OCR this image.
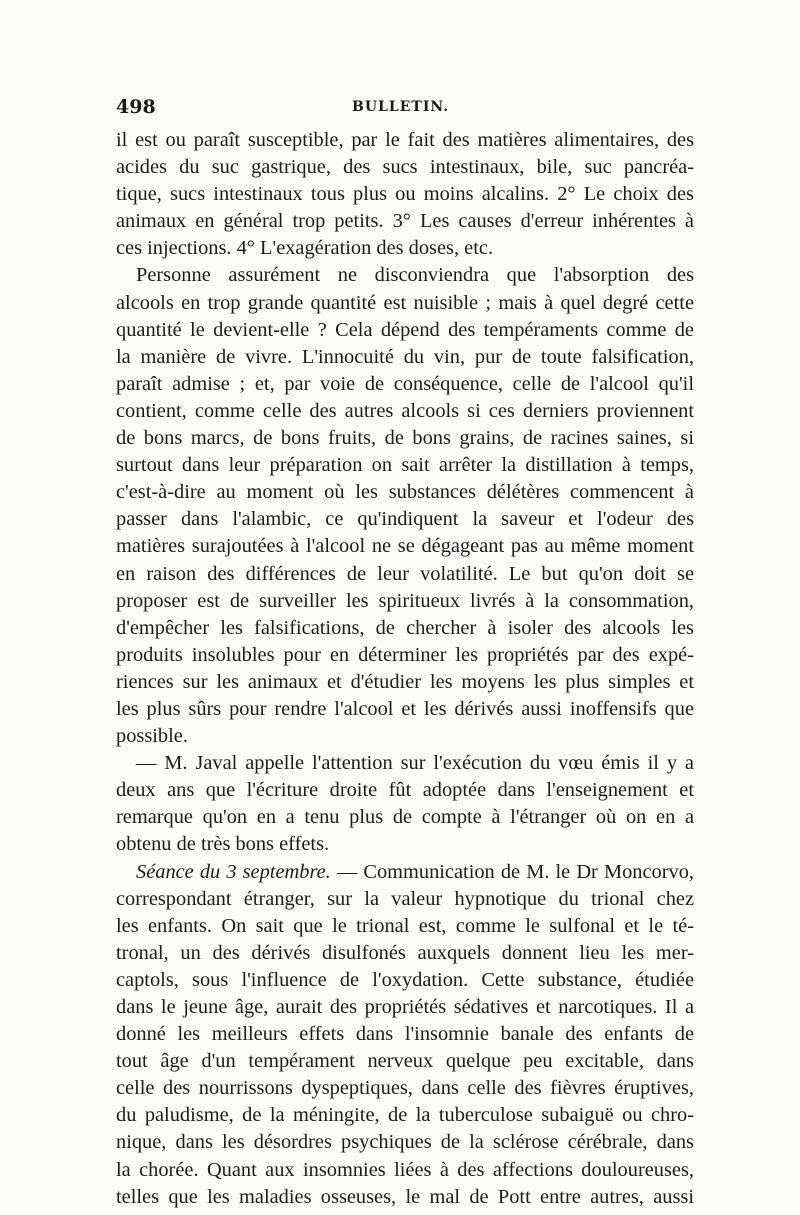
498	BULLETIN.
il est ou paraît susceptible, par le fait des matières alimentaires, des
acides du suc gastrique, des sucs intestinaux, bile, suc pancréa-
tique, sucs intestinaux tous plus ou moins alcalins. 2° Le choix des
animaux en général trop petits. 3° Les causes d'erreur inhérentes à
ces injections. 4° L'exagération des doses, etc.
Personne assurément ne disconviendra que l'absorption des
alcools en trop grande quantité est nuisible ; mais à quel degré cette
quantité le devient-elle ? Cela dépend des tempéraments comme de
la manière de vivre. L'innocuité du vin, pur de toute falsification,
paraît admise ; et, par voie de conséquence, celle de l'alcool qu'il
contient, comme celle des autres alcools si ces derniers proviennent
de bons marcs, de bons fruits, de bons grains, de racines saines, si
surtout dans leur préparation on sait arrêter la distillation à temps,
c'est-à-dire au moment où les substances délétères commencent à
passer dans l'alambic, ce qu'indiquent la saveur et l'odeur des
matières surajoutées à l'alcool ne se dégageant pas au même moment
en raison des différences de leur volatilité. Le but qu'on doit se
proposer est de surveiller les spiritueux livrés à la consommation,
d'empêcher les falsifications, de chercher à isoler des alcools les
produits insolubles pour en déterminer les propriétés par des expé-
riences sur les animaux et d'étudier les moyens les plus simples et
les plus sûrs pour rendre l'alcool et les dérivés aussi inoffensifs que
possible.
— M. Javal appelle l'attention sur l'exécution du vœu émis il y a
deux ans que l'écriture droite fût adoptée dans l'enseignement et
remarque qu'on en a tenu plus de compte à l'étranger où on en a
obtenu de très bons effets.
Séance du 3 septembre. — Communication de M. le Dr Moncorvo,
correspondant étranger, sur la valeur hypnotique du trional chez
les enfants. On sait que le trional est, comme le sulfonal et le té-
tronal, un des dérivés disulfonés auxquels donnent lieu les mer-
captols, sous l'influence de l'oxydation. Cette substance, étudiée
dans le jeune âge, aurait des propriétés sédatives et narcotiques. Il a
donné les meilleurs effets dans l'insomnie banale des enfants de
tout âge d'un tempérament nerveux quelque peu excitable, dans
celle des nourrissons dyspeptiques, dans celle des fièvres éruptives,
du paludisme, de la méningite, de la tuberculose subaiguë ou chro-
nique, dans les désordres psychiques de la sclérose cérébrale, dans
la chorée. Quant aux insomnies liées à des affections douloureuses,
telles que les maladies osseuses, le mal de Pott entre autres, aussi
